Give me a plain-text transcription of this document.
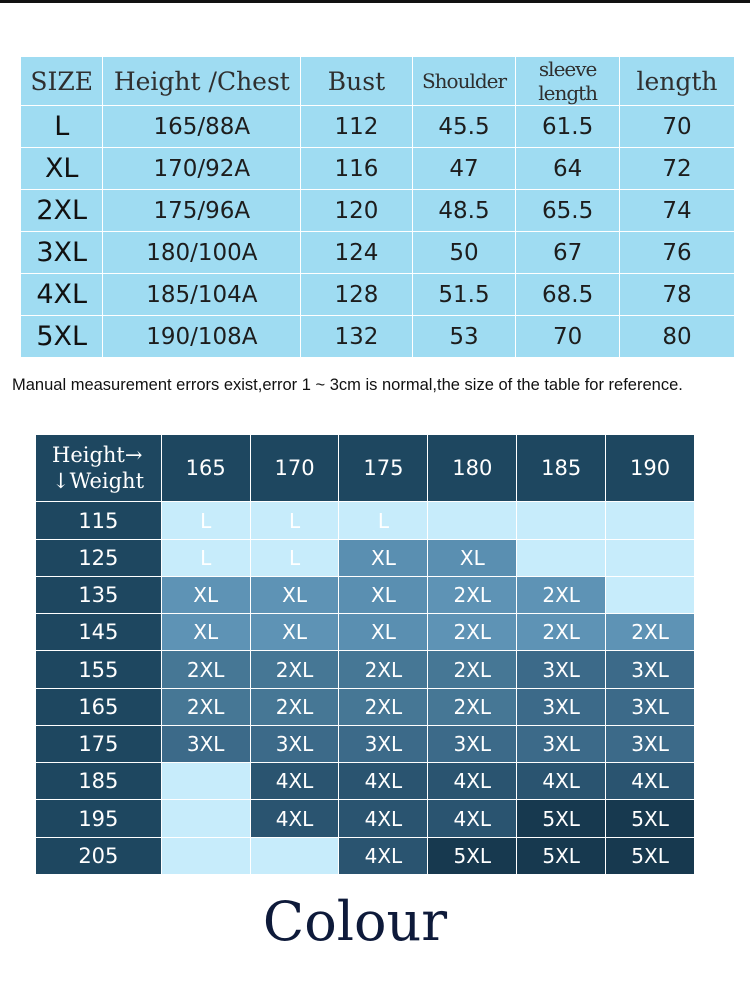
SIZE	Height /Chest	Bust	Shoulder	sleeve length	length
L	165/88A	112	45.5	61.5	70
XL	170/92A	116	47	64	72
2XL	175/96A	120	48.5	65.5	74
3XL	180/100A	124	50	67	76
4XL	185/104A	128	51.5	68.5	78
5XL	190/108A	132	53	70	80
Manual measurement errors exist,error 1 ~ 3cm is normal,the size of the table for reference.
Height→
↓Weight	165	170	175	180	185	190
115	L	L	L			
125	L	L	XL	XL		
135	XL	XL	XL	2XL	2XL	
145	XL	XL	XL	2XL	2XL	2XL
155	2XL	2XL	2XL	2XL	3XL	3XL
165	2XL	2XL	2XL	2XL	3XL	3XL
175	3XL	3XL	3XL	3XL	3XL	3XL
185		4XL	4XL	4XL	4XL	4XL
195		4XL	4XL	4XL	5XL	5XL
205			4XL	5XL	5XL	5XL
Colour
